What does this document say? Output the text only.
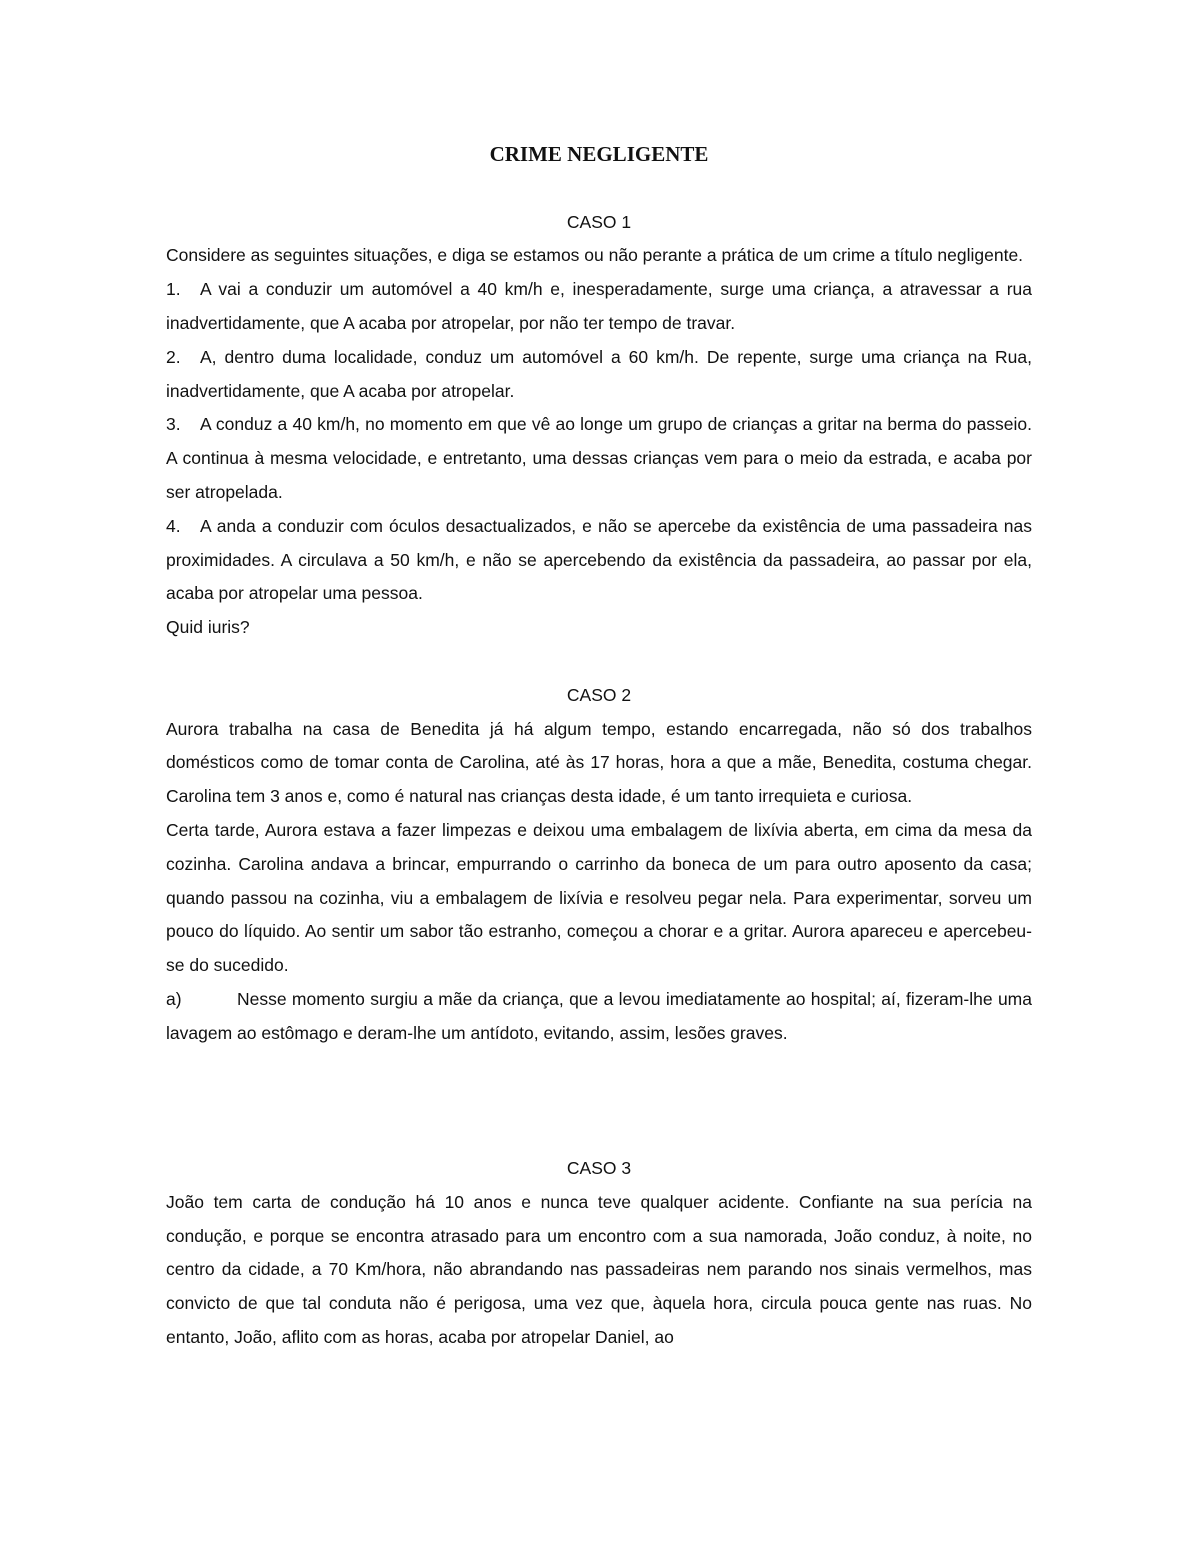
CRIME NEGLIGENTE
CASO 1

Considere as seguintes situações, e diga se estamos ou não perante a prática de um crime a título negligente.

1. A vai a conduzir um automóvel a 40 km/h e, inesperadamente, surge uma criança, a atravessar a rua inadvertidamente, que A acaba por atropelar, por não ter tempo de travar.
2. A, dentro duma localidade, conduz um automóvel a 60 km/h. De repente, surge uma criança na Rua, inadvertidamente, que A acaba por atropelar.
3. A conduz a 40 km/h, no momento em que vê ao longe um grupo de crianças a gritar na berma do passeio. A continua à mesma velocidade, e entretanto, uma dessas crianças vem para o meio da estrada, e acaba por ser atropelada.
4. A anda a conduzir com óculos desactualizados, e não se apercebe da existência de uma passadeira nas proximidades. A circulava a 50 km/h, e não se apercebendo da existência da passadeira, ao passar por ela, acaba por atropelar uma pessoa.

Quid iuris?

CASO 2

Aurora trabalha na casa de Benedita já há algum tempo, estando encarregada, não só dos trabalhos domésticos como de tomar conta de Carolina, até às 17 horas, hora a que a mãe, Benedita, costuma chegar. Carolina tem 3 anos e, como é natural nas crianças desta idade, é um tanto irrequieta e curiosa.

Certa tarde, Aurora estava a fazer limpezas e deixou uma embalagem de lixívia aberta, em cima da mesa da cozinha. Carolina andava a brincar, empurrando o carrinho da boneca de um para outro aposento da casa; quando passou na cozinha, viu a embalagem de lixívia e resolveu pegar nela. Para experimentar, sorveu um pouco do líquido. Ao sentir um sabor tão estranho, começou a chorar e a gritar. Aurora apareceu e apercebeu-se do sucedido.

a)	Nesse momento surgiu a mãe da criança, que a levou imediatamente ao hospital; aí, fizeram-lhe uma lavagem ao estômago e deram-lhe um antídoto, evitando, assim, lesões graves.
CASO 3

João tem carta de condução há 10 anos e nunca teve qualquer acidente. Confiante na sua perícia na condução, e porque se encontra atrasado para um encontro com a sua namorada, João conduz, à noite, no centro da cidade, a 70 Km/hora, não abrandando nas passadeiras nem parando nos sinais vermelhos, mas convicto de que tal conduta não é perigosa, uma vez que, àquela hora, circula pouca gente nas ruas. No entanto, João, aflito com as horas, acaba por atropelar Daniel, ao
